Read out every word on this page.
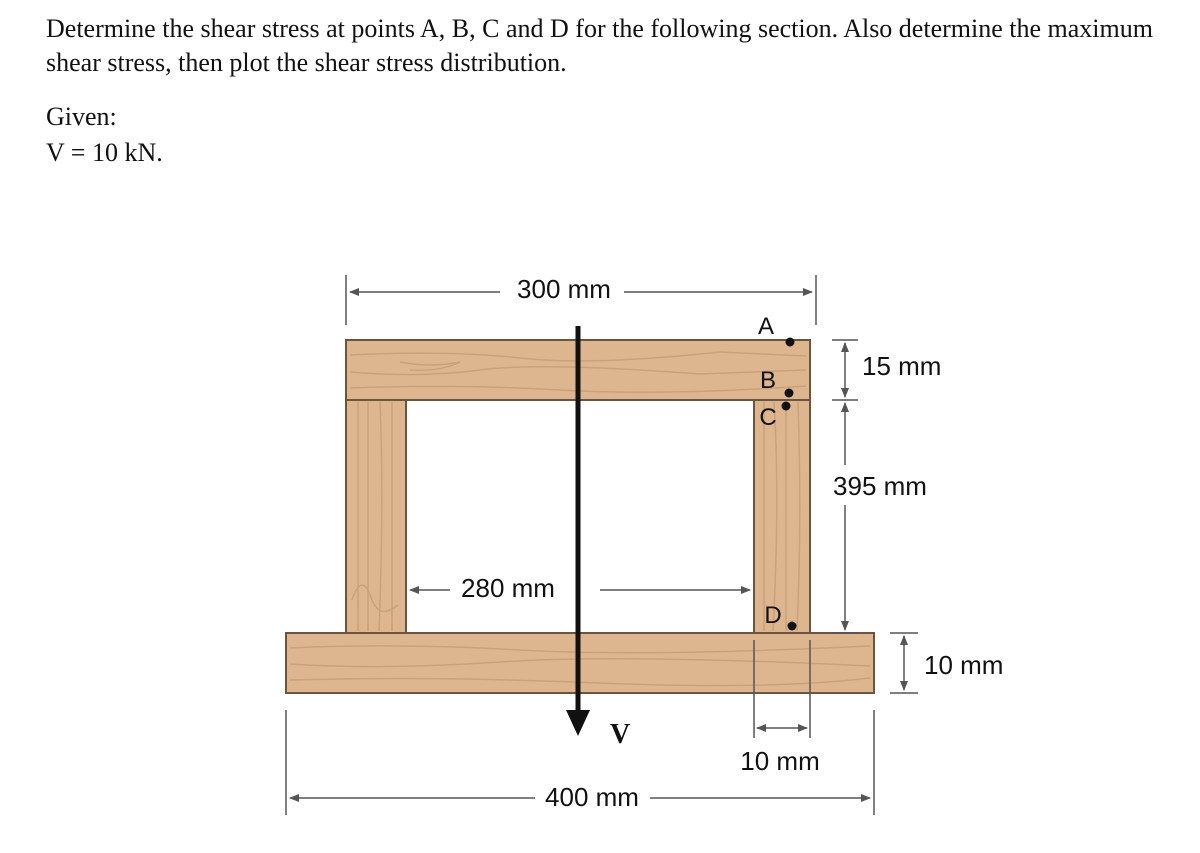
Determine the shear stress at points A, B, C and D for the following section. Also determine the maximum shear stress, then plot the shear stress distribution.
Given:
V = 10 kN.
300 mm
280 mm
400 mm
15 mm
395 mm
10 mm
10 mm
V
A
B
C
D
